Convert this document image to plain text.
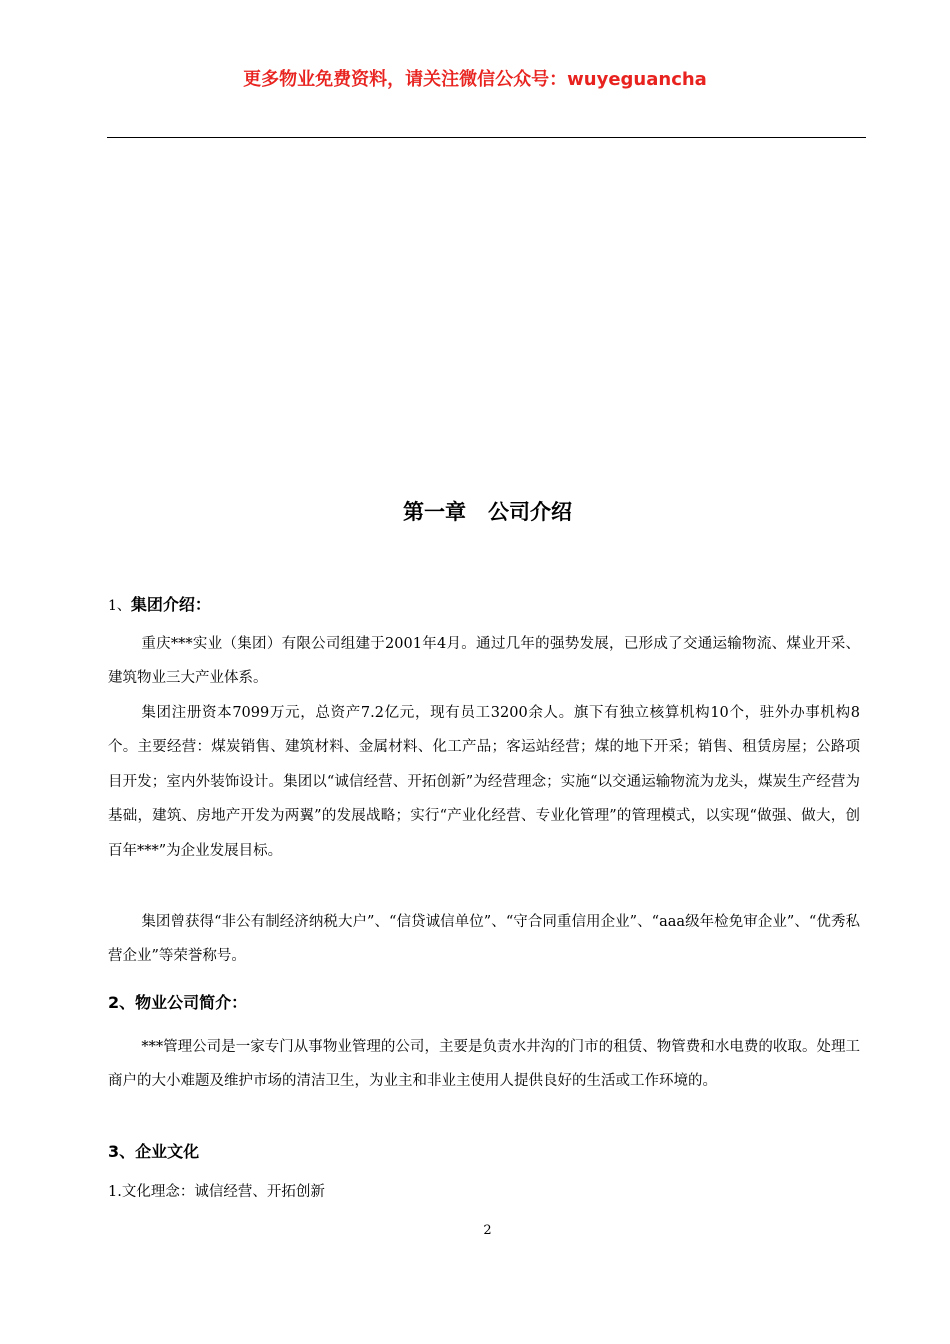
更多物业免费资料，请关注微信公众号：wuyeguancha
第一章   公司介绍
1、集团介绍：

重庆***实业（集团）有限公司组建于2001年4月。通过几年的强势发展，已形成了交通运输物流、煤业开采、建筑物业三大产业体系。

集团注册资本7099万元，总资产7.2亿元，现有员工3200余人。旗下有独立核算机构10个，驻外办事机构8个。主要经营：煤炭销售、建筑材料、金属材料、化工产品；客运站经营；煤的地下开采；销售、租赁房屋；公路项目开发；室内外装饰设计。集团以“诚信经营、开拓创新”为经营理念；实施“以交通运输物流为龙头，煤炭生产经营为基础，建筑、房地产开发为两翼”的发展战略；实行“产业化经营、专业化管理”的管理模式，以实现“做强、做大，创百年***”为企业发展目标。

集团曾获得“非公有制经济纳税大户”、“信贷诚信单位”、“守合同重信用企业”、“aaa级年检免审企业”、“优秀私营企业”等荣誉称号。

2、物业公司简介：

***管理公司是一家专门从事物业管理的公司，主要是负责水井沟的门市的租赁、物管费和水电费的收取。处理工商户的大小难题及维护市场的清洁卫生，为业主和非业主使用人提供良好的生活或工作环境的。

3、企业文化
1.文化理念：诚信经营、开拓创新
2
